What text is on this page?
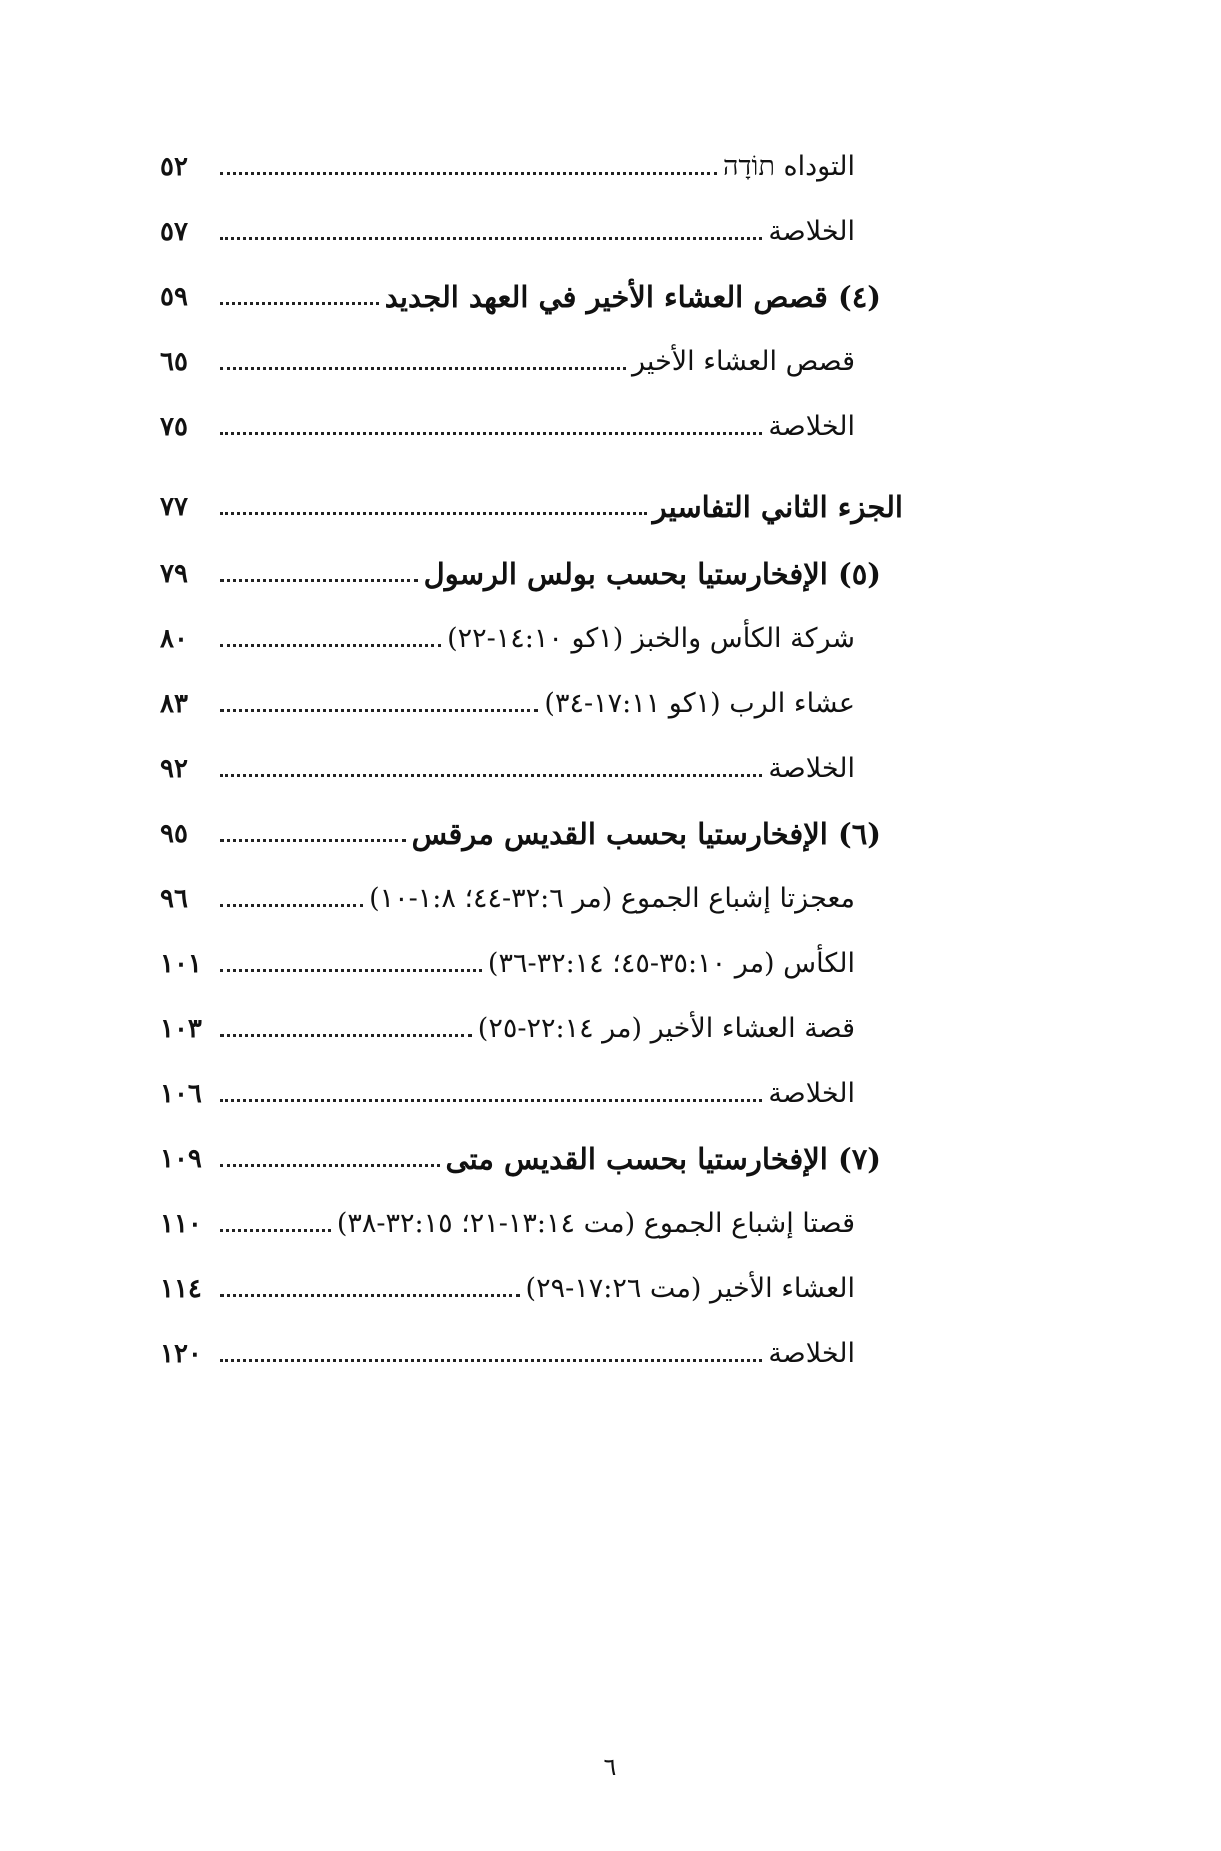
التوداه תוֹדָה
٥٢
الخلاصة
٥٧
(٤) قصص العشاء الأخير في العهد الجديد
٥٩
قصص العشاء الأخير
٦٥
الخلاصة
٧٥
الجزء الثاني التفاسير
٧٧
(٥) الإفخارستيا بحسب بولس الرسول
٧٩
شركة الكأس والخبز (١كو ١٤:١٠-٢٢)
٨٠
عشاء الرب (١كو ١٧:١١-٣٤)
٨٣
الخلاصة
٩٢
(٦) الإفخارستيا بحسب القديس مرقس
٩٥
معجزتا إشباع الجموع (مر ٣٢:٦-٤٤؛ ١:٨-١٠)
٩٦
الكأس (مر ٣٥:١٠-٤٥؛ ٣٢:١٤-٣٦)
١٠١
قصة العشاء الأخير (مر ٢٢:١٤-٢٥)
١٠٣
الخلاصة
١٠٦
(٧) الإفخارستيا بحسب القديس متى
١٠٩
قصتا إشباع الجموع (مت ١٣:١٤-٢١؛ ٣٢:١٥-٣٨)
١١٠
العشاء الأخير (مت ١٧:٢٦-٢٩)
١١٤
الخلاصة
١٢٠
٦
